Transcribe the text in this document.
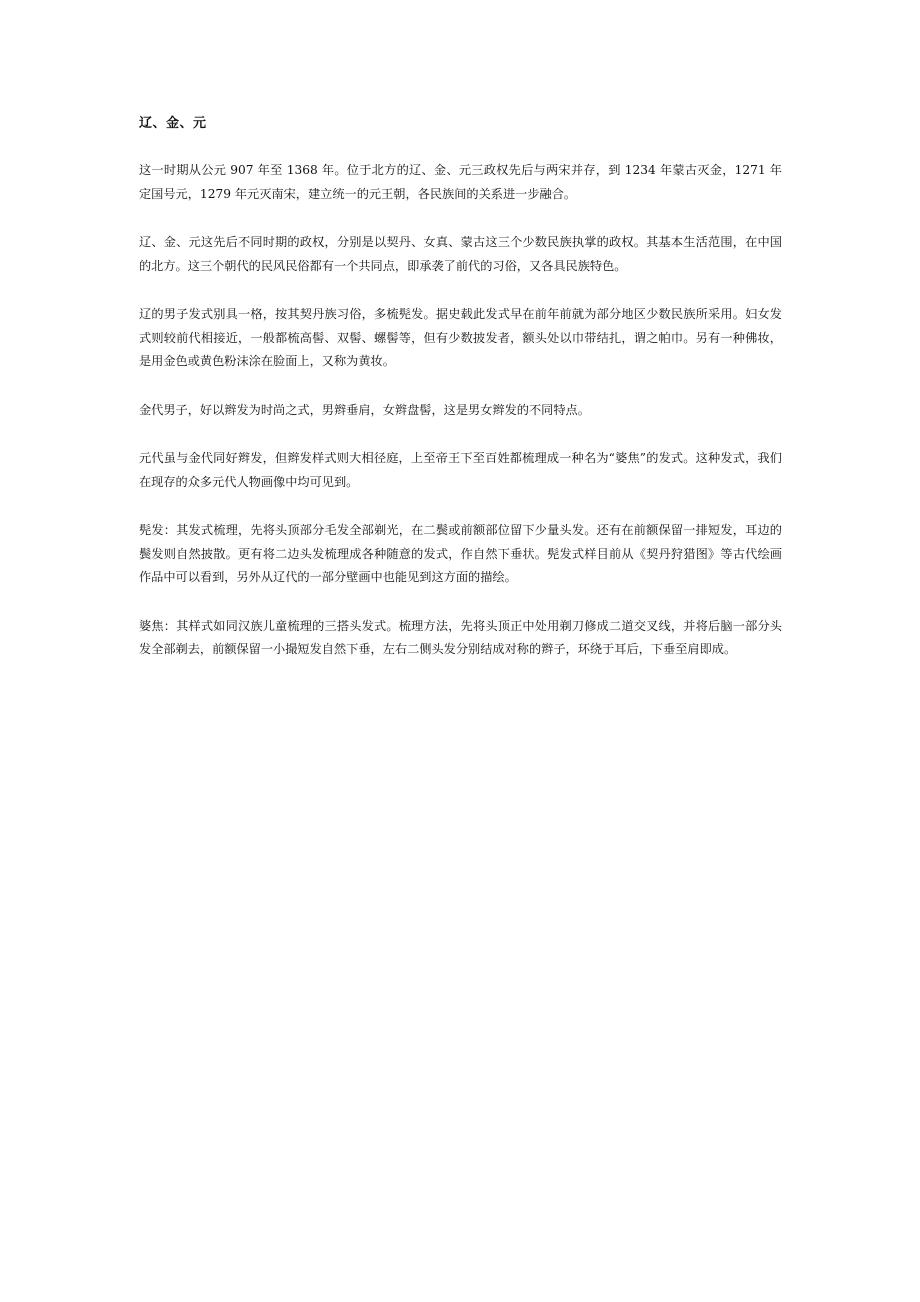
辽、金、元

这一时期从公元 907 年至 1368 年。位于北方的辽、金、元三政权先后与两宋并存，到 1234 年蒙古灭金，1271 年定国号元，1279 年元灭南宋，建立统一的元王朝，各民族间的关系进一步融合。

辽、金、元这先后不同时期的政权，分别是以契丹、女真、蒙古这三个少数民族执掌的政权。其基本生活范围，在中国的北方。这三个朝代的民风民俗都有一个共同点，即承袭了前代的习俗，又各具民族特色。

辽的男子发式别具一格，按其契丹族习俗，多梳髡发。据史载此发式早在前年前就为部分地区少数民族所采用。妇女发式则较前代相接近，一般都梳高髻、双髻、螺髻等，但有少数披发者，额头处以巾带结扎，谓之帕巾。另有一种佛妆，是用金色或黄色粉沫涂在脸面上，又称为黄妆。

金代男子，好以辫发为时尚之式，男辫垂肩，女辫盘髻，这是男女辫发的不同特点。

元代虽与金代同好辫发，但辫发样式则大相径庭，上至帝王下至百姓都梳理成一种名为“婆焦”的发式。这种发式，我们在现存的众多元代人物画像中均可见到。

髡发：其发式梳理，先将头顶部分毛发全部剃光，在二鬓或前额部位留下少量头发。还有在前额保留一排短发，耳边的鬓发则自然披散。更有将二边头发梳理成各种随意的发式，作自然下垂状。髡发式样目前从《契丹狩猎图》等古代绘画作品中可以看到，另外从辽代的一部分壁画中也能见到这方面的描绘。

婆焦：其样式如同汉族儿童梳理的三搭头发式。梳理方法，先将头顶正中处用剃刀修成二道交叉线，并将后脑一部分头发全部剃去，前额保留一小撮短发自然下垂，左右二侧头发分别结成对称的辫子，环绕于耳后，下垂至肩即成。
